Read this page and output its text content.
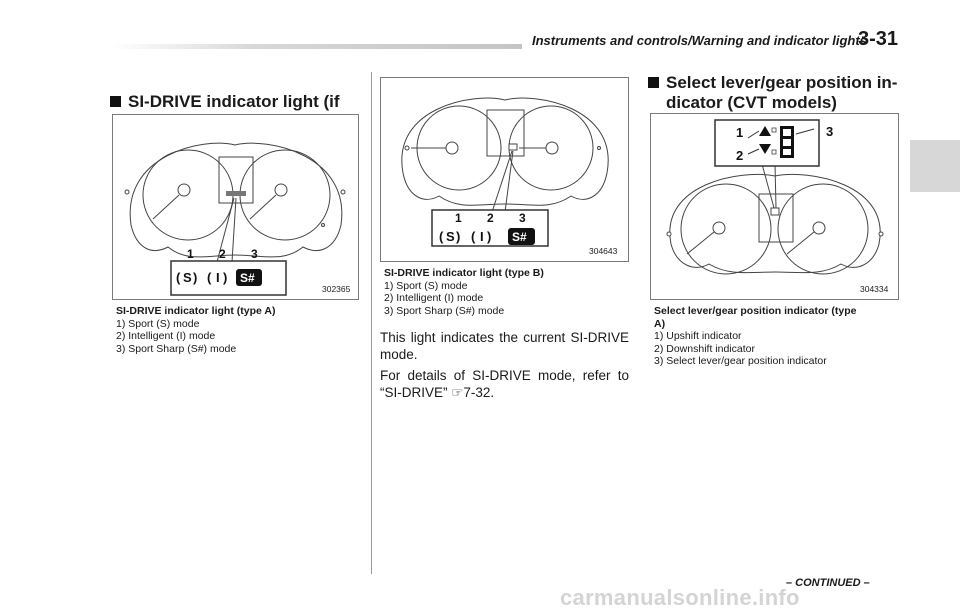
Instruments and controls/Warning and indicator lights
3-31
SI-DRIVE indicator light (if
1 2 3
( S ) ( I ) S#
302365
SI-DRIVE indicator light (type A)
1) Sport (S) mode
2) Intelligent (I) mode
3) Sport Sharp (S#) mode
1 2 3
( S ) ( I ) S#
304643
SI-DRIVE indicator light (type B)
1) Sport (S) mode
2) Intelligent (I) mode
3) Sport Sharp (S#) mode

This light indicates the current SI-DRIVE mode.

For details of SI-DRIVE mode, refer to “SI-DRIVE” ☞7-32.

Select lever/gear position in-
dicator (CVT models)
1
2
3
304334
Select lever/gear position indicator (type
A)
1) Upshift indicator
2) Downshift indicator
3) Select lever/gear position indicator
– CONTINUED –
carmanualsonline.info
